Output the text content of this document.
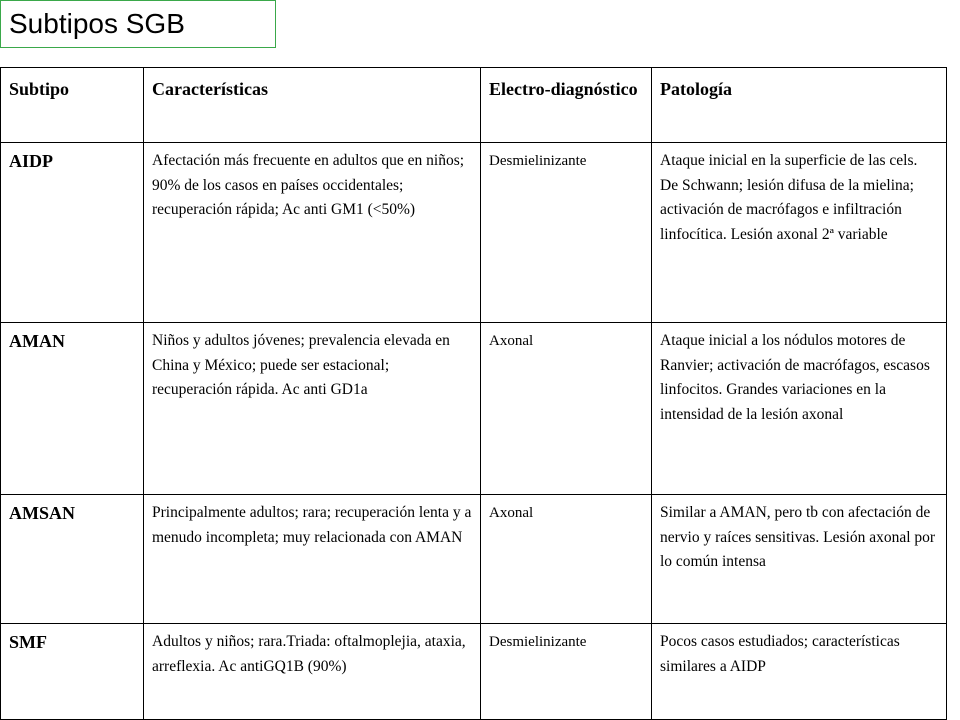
Subtipos SGB
Subtipo	Características	Electro-diagnóstico	Patología
AIDP	Afectación más frecuente en adultos que en niños; 90% de los casos en países occidentales; recuperación rápida; Ac anti GM1 (<50%)	Desmielinizante	Ataque inicial en la superficie de las cels. De Schwann; lesión difusa de la mielina; activación de macrófagos e infiltración linfocítica. Lesión axonal 2ª variable
AMAN	Niños y adultos jóvenes; prevalencia elevada en China y México; puede ser estacional; recuperación rápida. Ac anti GD1a	Axonal	Ataque inicial a los nódulos motores de Ranvier; activación de macrófagos, escasos linfocitos. Grandes variaciones en la intensidad de la lesión axonal
AMSAN	Principalmente adultos; rara; recuperación lenta y a menudo incompleta; muy relacionada con AMAN	Axonal	Similar a AMAN, pero tb con afectación de nervio y raíces sensitivas. Lesión axonal por lo común intensa
SMF	Adultos y niños; rara.Triada: oftalmoplejia, ataxia, arreflexia. Ac antiGQ1B (90%)	Desmielinizante	Pocos casos estudiados; características similares a AIDP
